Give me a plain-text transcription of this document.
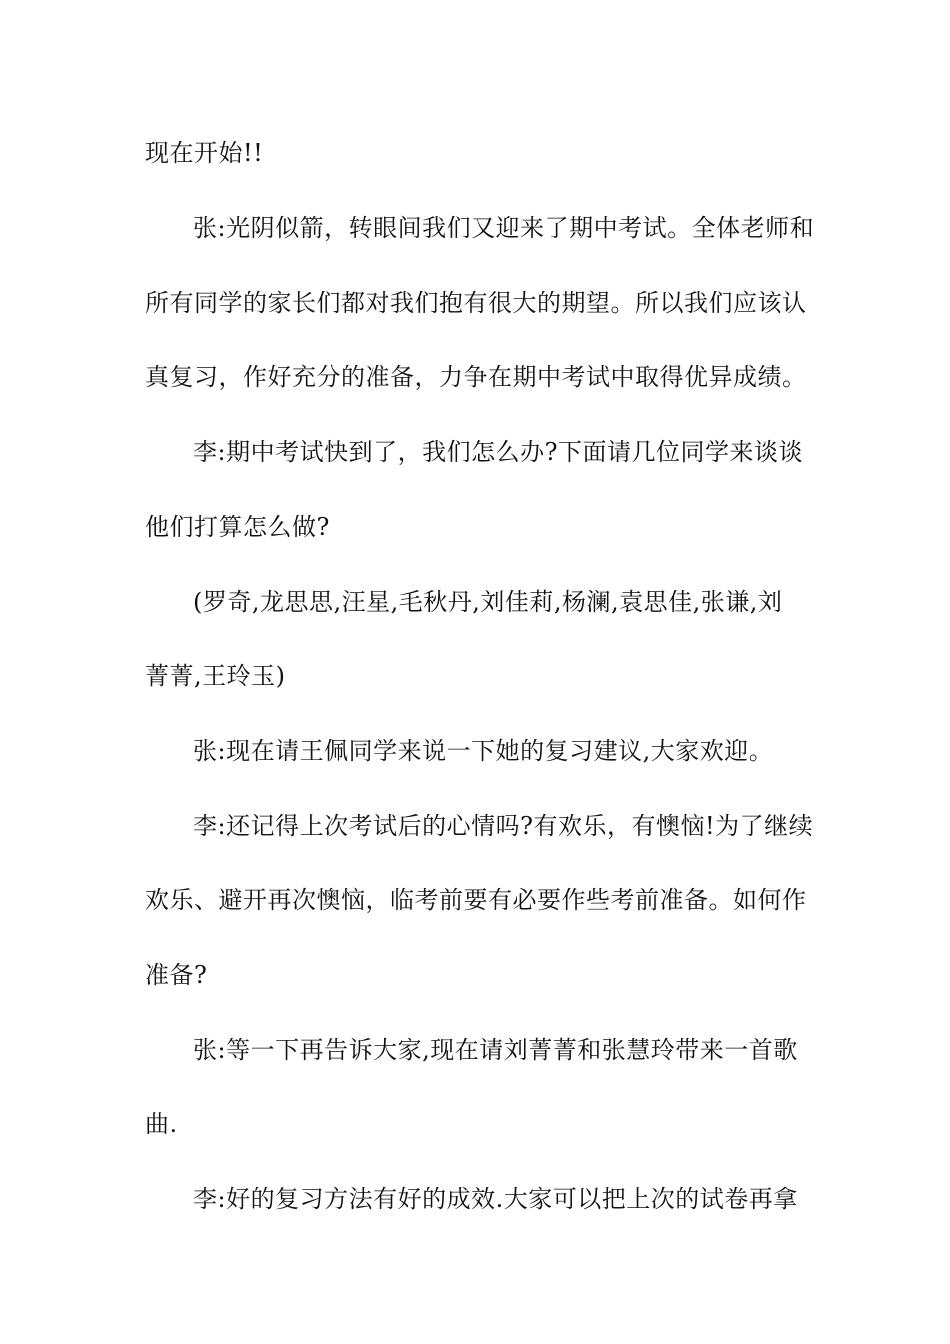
现在开始!!
张:光阴似箭，转眼间我们又迎来了期中考试。全体老师和
所有同学的家长们都对我们抱有很大的期望。所以我们应该认
真复习，作好充分的准备，力争在期中考试中取得优异成绩。
李:期中考试快到了，我们怎么办?下面请几位同学来谈谈
他们打算怎么做?
(罗奇,龙思思,汪星,毛秋丹,刘佳莉,杨澜,袁思佳,张谦,刘
菁菁,王玲玉)
张:现在请王佩同学来说一下她的复习建议,大家欢迎。
李:还记得上次考试后的心情吗?有欢乐，有懊恼!为了继续
欢乐、避开再次懊恼，临考前要有必要作些考前准备。如何作
准备?
张:等一下再告诉大家,现在请刘菁菁和张慧玲带来一首歌
曲.
李:好的复习方法有好的成效.大家可以把上次的试卷再拿
